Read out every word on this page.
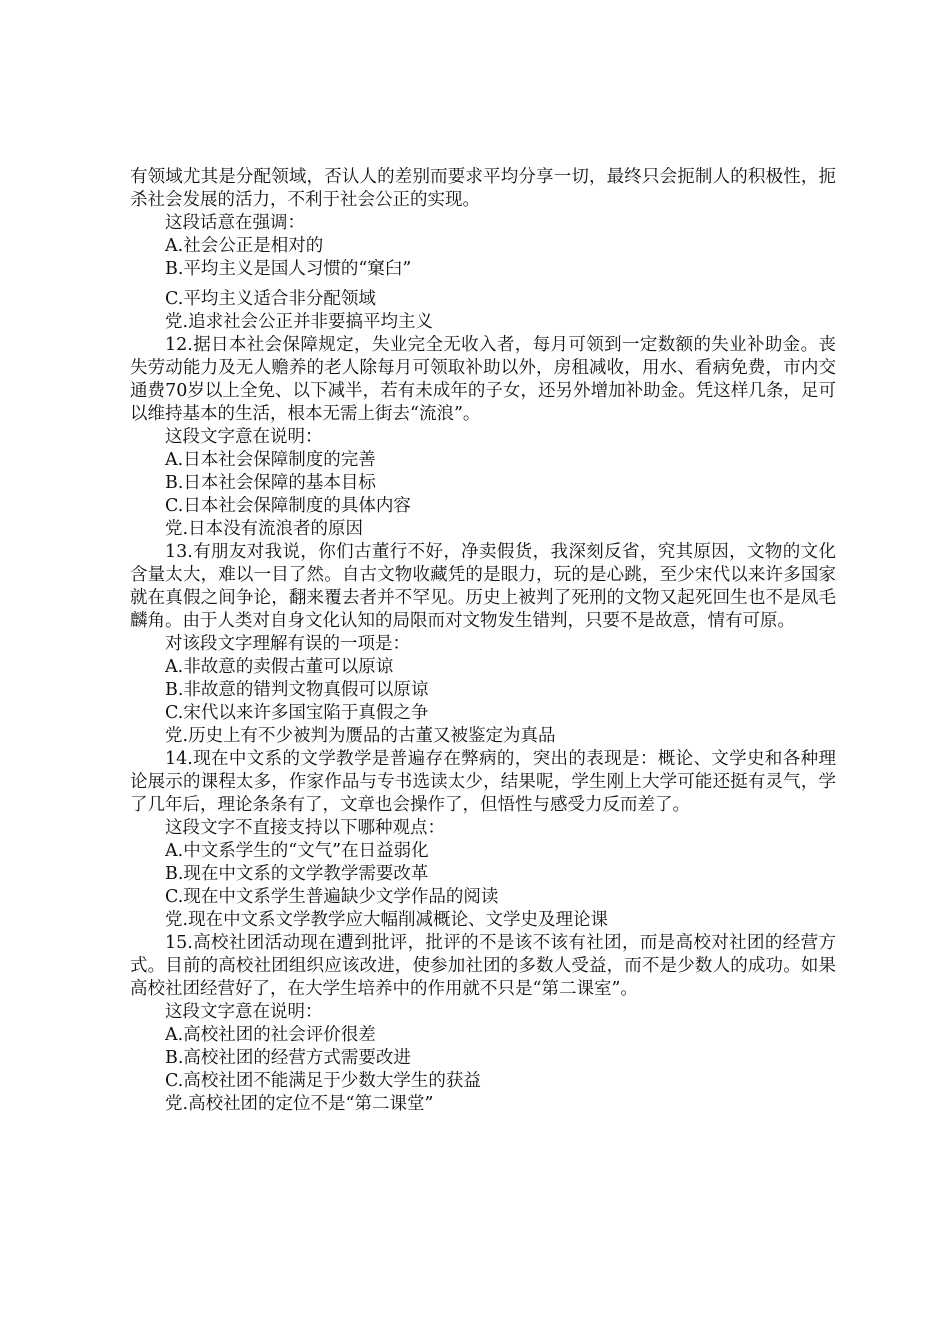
有领域尤其是分配领域，否认人的差别而要求平均分享一切，最终只会扼制人的积极性，扼杀社会发展的活力，不利于社会公正的实现。

这段话意在强调：

A.社会公正是相对的

B.平均主义是国人习惯的“窠臼”

C.平均主义适合非分配领域

党.追求社会公正并非要搞平均主义

12.据日本社会保障规定，失业完全无收入者，每月可领到一定数额的失业补助金。丧失劳动能力及无人赡养的老人除每月可领取补助以外，房租减收，用水、看病免费，市内交通费70岁以上全免、以下减半，若有未成年的子女，还另外增加补助金。凭这样几条，足可以维持基本的生活，根本无需上街去“流浪”。

这段文字意在说明：

A.日本社会保障制度的完善

B.日本社会保障的基本目标

C.日本社会保障制度的具体内容

党.日本没有流浪者的原因

13.有朋友对我说，你们古董行不好，净卖假货，我深刻反省，究其原因，文物的文化含量太大，难以一目了然。自古文物收藏凭的是眼力，玩的是心跳，至少宋代以来许多国家就在真假之间争论，翻来覆去者并不罕见。历史上被判了死刑的文物又起死回生也不是凤毛麟角。由于人类对自身文化认知的局限而对文物发生错判，只要不是故意，情有可原。

对该段文字理解有误的一项是：

A.非故意的卖假古董可以原谅

B.非故意的错判文物真假可以原谅

C.宋代以来许多国宝陷于真假之争

党.历史上有不少被判为赝品的古董又被鉴定为真品

14.现在中文系的文学教学是普遍存在弊病的，突出的表现是：概论、文学史和各种理论展示的课程太多，作家作品与专书选读太少，结果呢，学生刚上大学可能还挺有灵气，学了几年后，理论条条有了，文章也会操作了，但悟性与感受力反而差了。

这段文字不直接支持以下哪种观点：

A.中文系学生的“文气”在日益弱化

B.现在中文系的文学教学需要改革

C.现在中文系学生普遍缺少文学作品的阅读

党.现在中文系文学教学应大幅削减概论、文学史及理论课

15.高校社团活动现在遭到批评，批评的不是该不该有社团，而是高校对社团的经营方式。目前的高校社团组织应该改进，使参加社团的多数人受益，而不是少数人的成功。如果高校社团经营好了，在大学生培养中的作用就不只是“第二课室”。

这段文字意在说明：

A.高校社团的社会评价很差

B.高校社团的经营方式需要改进

C.高校社团不能满足于少数大学生的获益

党.高校社团的定位不是“第二课堂”
